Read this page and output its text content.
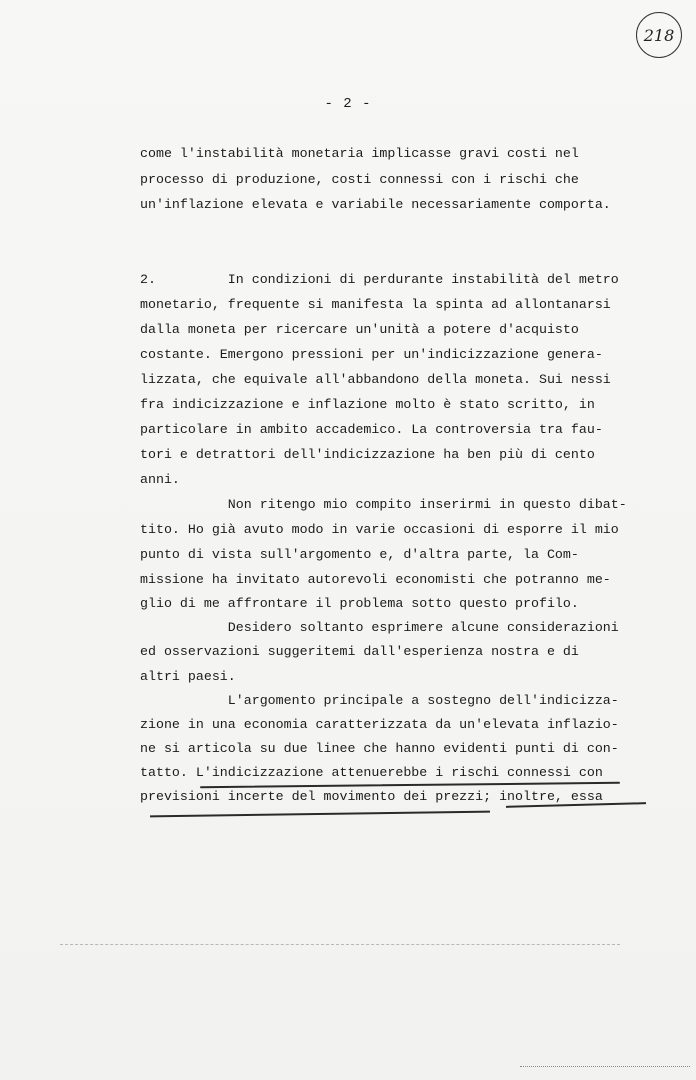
218
- 2 -
come l'instabilità monetaria implicasse gravi costi nel
processo di produzione, costi connessi con i rischi che
un'inflazione elevata e variabile necessariamente comporta.
2.         In condizioni di perdurante instabilità del metro
monetario, frequente si manifesta la spinta ad allontanarsi
dalla moneta per ricercare un'unità a potere d'acquisto
costante. Emergono pressioni per un'indicizzazione genera-
lizzata, che equivale all'abbandono della moneta. Sui nessi
fra indicizzazione e inflazione molto è stato scritto, in
particolare in ambito accademico. La controversia tra fau-
tori e detrattori dell'indicizzazione ha ben più di cento
anni.
Non ritengo mio compito inserirmi in questo dibat-
tito. Ho già avuto modo in varie occasioni di esporre il mio
punto di vista sull'argomento e, d'altra parte, la Com-
missione ha invitato autorevoli economisti che potranno me-
glio di me affrontare il problema sotto questo profilo.
Desidero soltanto esprimere alcune considerazioni
ed osservazioni suggeritemi dall'esperienza nostra e di
altri paesi.
L'argomento principale a sostegno dell'indicizza-
zione in una economia caratterizzata da un'elevata inflazio-
ne si articola su due linee che hanno evidenti punti di con-
tatto. L'indicizzazione attenuerebbe i rischi connessi con
previsioni incerte del movimento dei prezzi; inoltre, essa
